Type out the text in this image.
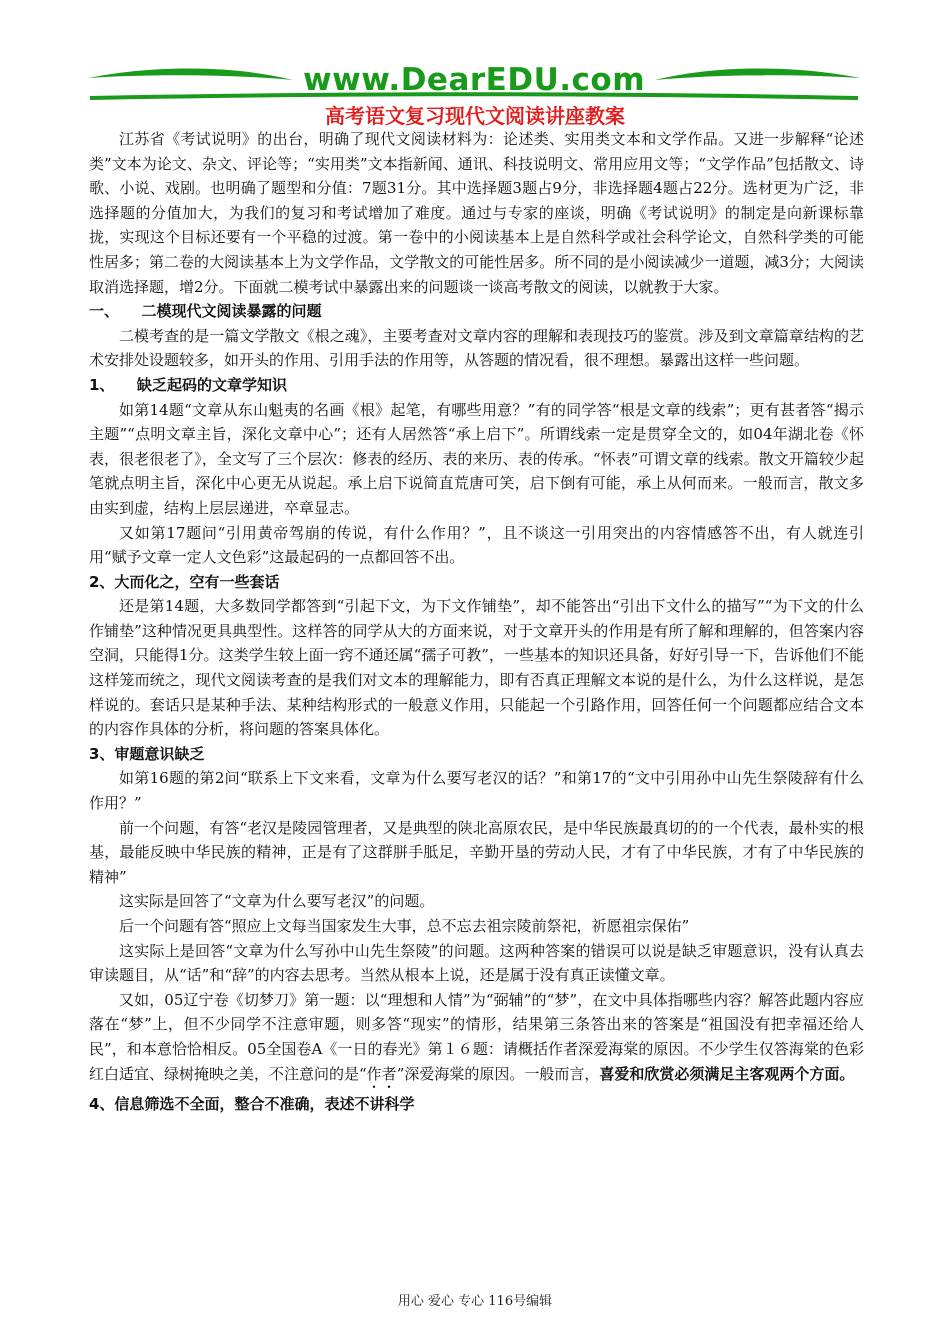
www.DearEDU.com
高考语文复习现代文阅读讲座教案

江苏省《考试说明》的出台，明确了现代文阅读材料为：论述类、实用类文本和文学作品。又进一步解释“论述类”文本为论文、杂文、评论等；“实用类”文本指新闻、通讯、科技说明文、常用应用文等；“文学作品”包括散文、诗歌、小说、戏剧。也明确了题型和分值：7题31分。其中选择题3题占9分，非选择题4题占22分。选材更为广泛，非选择题的分值加大，为我们的复习和考试增加了难度。通过与专家的座谈，明确《考试说明》的制定是向新课标靠拢，实现这个目标还要有一个平稳的过渡。第一卷中的小阅读基本上是自然科学或社会科学论文，自然科学类的可能性居多；第二卷的大阅读基本上为文学作品，文学散文的可能性居多。所不同的是小阅读减少一道题，减3分；大阅读取消选择题，增2分。下面就二模考试中暴露出来的问题谈一谈高考散文的阅读，以就教于大家。

一、　　二模现代文阅读暴露的问题

二模考查的是一篇文学散文《根之魂》，主要考查对文章内容的理解和表现技巧的鉴赏。涉及到文章篇章结构的艺术安排处设题较多，如开头的作用、引用手法的作用等，从答题的情况看，很不理想。暴露出这样一些问题。

1、　　缺乏起码的文章学知识

如第14题“文章从东山魁夷的名画《根》起笔，有哪些用意？”有的同学答“根是文章的线索”；更有甚者答“揭示主题”“点明文章主旨，深化文章中心”；还有人居然答“承上启下”。所谓线索一定是贯穿全文的，如04年湖北卷《怀表，很老很老了》，全文写了三个层次：修表的经历、表的来历、表的传承。“怀表”可谓文章的线索。散文开篇较少起笔就点明主旨，深化中心更无从说起。承上启下说简直荒唐可笑，启下倒有可能，承上从何而来。一般而言，散文多由实到虚，结构上层层递进，卒章显志。

又如第17题问“引用黄帝驾崩的传说，有什么作用？”，且不谈这一引用突出的内容情感答不出，有人就连引用“赋予文章一定人文色彩”这最起码的一点都回答不出。

2、大而化之，空有一些套话

还是第14题，大多数同学都答到“引起下文，为下文作铺垫”，却不能答出“引出下文什么的描写”“为下文的什么作铺垫”这种情况更具典型性。这样答的同学从大的方面来说，对于文章开头的作用是有所了解和理解的，但答案内容空洞，只能得1分。这类学生较上面一窍不通还属“孺子可教”，一些基本的知识还具备，好好引导一下，告诉他们不能这样笼而统之，现代文阅读考查的是我们对文本的理解能力，即有否真正理解文本说的是什么，为什么这样说，是怎样说的。套话只是某种手法、某种结构形式的一般意义作用，只能起一个引路作用，回答任何一个问题都应结合文本的内容作具体的分析，将问题的答案具体化。

3、审题意识缺乏

如第16题的第2问“联系上下文来看，文章为什么要写老汉的话？”和第17的“文中引用孙中山先生祭陵辞有什么作用？”

前一个问题，有答“老汉是陵园管理者，又是典型的陕北高原农民，是中华民族最真切的的一个代表，最朴实的根基，最能反映中华民族的精神，正是有了这群胼手胝足，辛勤开垦的劳动人民，才有了中华民族，才有了中华民族的精神”

这实际是回答了“文章为什么要写老汉”的问题。

后一个问题有答“照应上文每当国家发生大事，总不忘去祖宗陵前祭祀，祈愿祖宗保佑”

这实际上是回答“文章为什么写孙中山先生祭陵”的问题。这两种答案的错误可以说是缺乏审题意识，没有认真去审读题目，从“话”和“辞”的内容去思考。当然从根本上说，还是属于没有真正读懂文章。

又如，05辽宁卷《切梦刀》第一题：以“理想和人情”为“弼辅”的“梦”，在文中具体指哪些内容？解答此题内容应落在“梦”上，但不少同学不注意审题，则多答“现实”的情形，结果第三条答出来的答案是“祖国没有把幸福还给人民”，和本意恰恰相反。05全国卷A《一日的春光》第１６题：请概括作者深爱海棠的原因。不少学生仅答海棠的色彩红白适宜、绿树掩映之美，不注意问的是“作者”深爱海棠的原因。一般而言，喜爱和欣赏必须满足主客观两个方面。

4、信息筛选不全面，整合不准确，表述不讲科学
用心 爱心 专心 116号编辑
